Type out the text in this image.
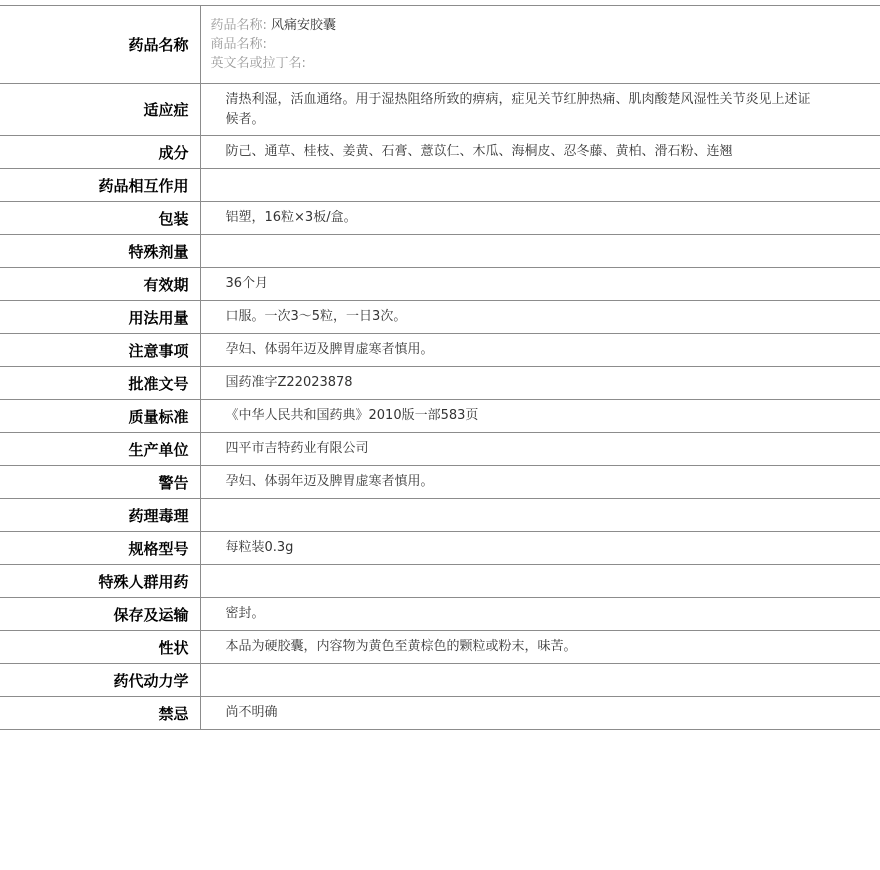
药品名称	药品名称: 风痛安胶囊
商品名称:
英文名或拉丁名:

适应症	清热利湿，活血通络。用于湿热阻络所致的痹病，症见关节红肿热痛、肌肉酸楚风湿性关节炎见上述证候者。
成分	防己、通草、桂枝、姜黄、石膏、薏苡仁、木瓜、海桐皮、忍冬藤、黄柏、滑石粉、连翘
药品相互作用	
包装	铝塑，16粒×3板/盒。
特殊剂量	
有效期	36个月
用法用量	口服。一次3～5粒，一日3次。
注意事项	孕妇、体弱年迈及脾胃虚寒者慎用。
批准文号	国药准字Z22023878
质量标准	《中华人民共和国药典》2010版一部583页
生产单位	四平市吉特药业有限公司
警告	孕妇、体弱年迈及脾胃虚寒者慎用。
药理毒理	
规格型号	每粒装0.3g
特殊人群用药	
保存及运输	密封。
性状	本品为硬胶囊，内容物为黄色至黄棕色的颗粒或粉末，味苦。
药代动力学	
禁忌	尚不明确
